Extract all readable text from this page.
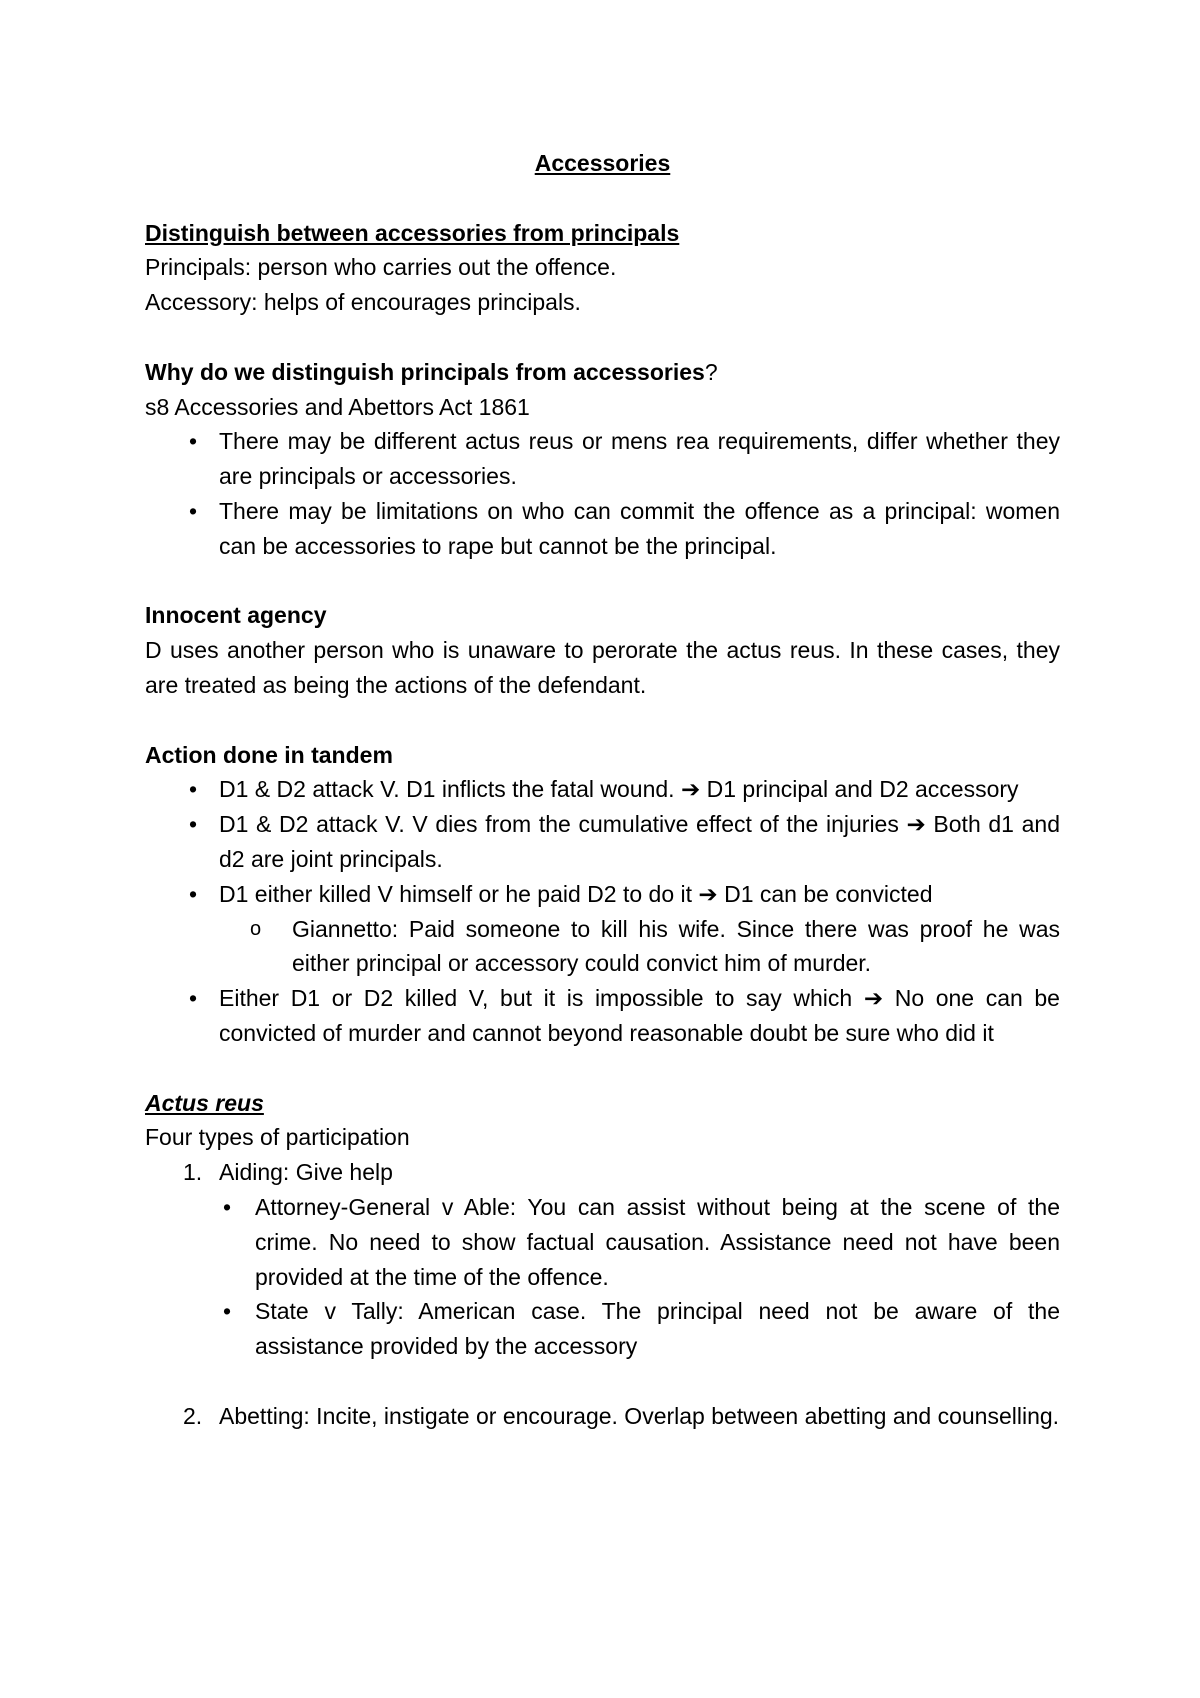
Accessories

Distinguish between accessories from principals

Principals: person who carries out the offence.

Accessory: helps of encourages principals.

Why do we distinguish principals from accessories?

s8 Accessories and Abettors Act 1861

• There may be different actus reus or mens rea requirements, differ whether they are principals or accessories.
• There may be limitations on who can commit the offence as a principal: women can be accessories to rape but cannot be the principal.

Innocent agency

D uses another person who is unaware to perorate the actus reus. In these cases, they are treated as being the actions of the defendant.

Action done in tandem

• D1 & D2 attack V. D1 inflicts the fatal wound. ➔ D1 principal and D2 accessory
• D1 & D2 attack V. V dies from the cumulative effect of the injuries ➔ Both d1 and d2 are joint principals.
• D1 either killed V himself or he paid D2 to do it ➔ D1 can be convicted
o Giannetto: Paid someone to kill his wife. Since there was proof he was either principal or accessory could convict him of murder.
• Either D1 or D2 killed V, but it is impossible to say which ➔ No one can be convicted of murder and cannot beyond reasonable doubt be sure who did it

Actus reus

Four types of participation

1. Aiding: Give help
• Attorney-General v Able: You can assist without being at the scene of the crime. No need to show factual causation. Assistance need not have been provided at the time of the offence.
• State v Tally: American case. The principal need not be aware of the assistance provided by the accessory
2. Abetting: Incite, instigate or encourage. Overlap between abetting and counselling.
